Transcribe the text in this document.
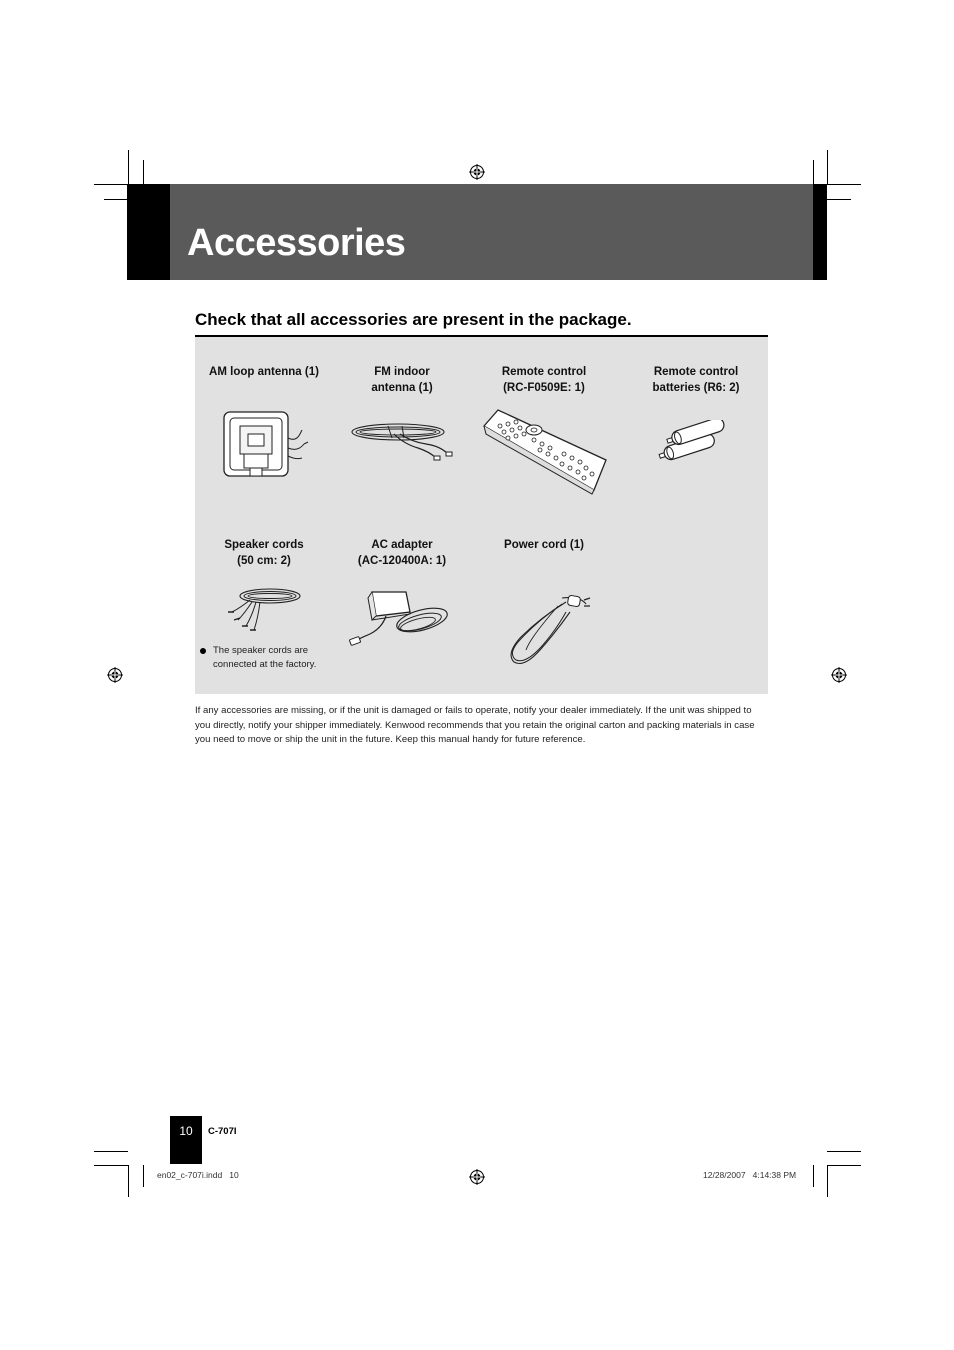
Accessories
Check that all accessories are present in the package.
AM loop antenna (1)	FM indoor
antenna (1)
Remote control
(RC-F0509E: 1)
Remote control
batteries (R6: 2)
Speaker cords
(50 cm: 2)
AC adapter
(AC-120400A: 1)
Power cord (1)
The speaker cords are connected at the factory.

If any accessories are missing, or if the unit is damaged or fails to operate, notify your dealer immediately. If the unit was shipped to you directly, notify your shipper immediately. Kenwood recommends that you retain the original carton and packing materials in case you need to move or ship the unit in the future. Keep this manual handy for future reference.

10	C-707I
en02_c-707i.indd   10	12/28/2007   4:14:38 PM
